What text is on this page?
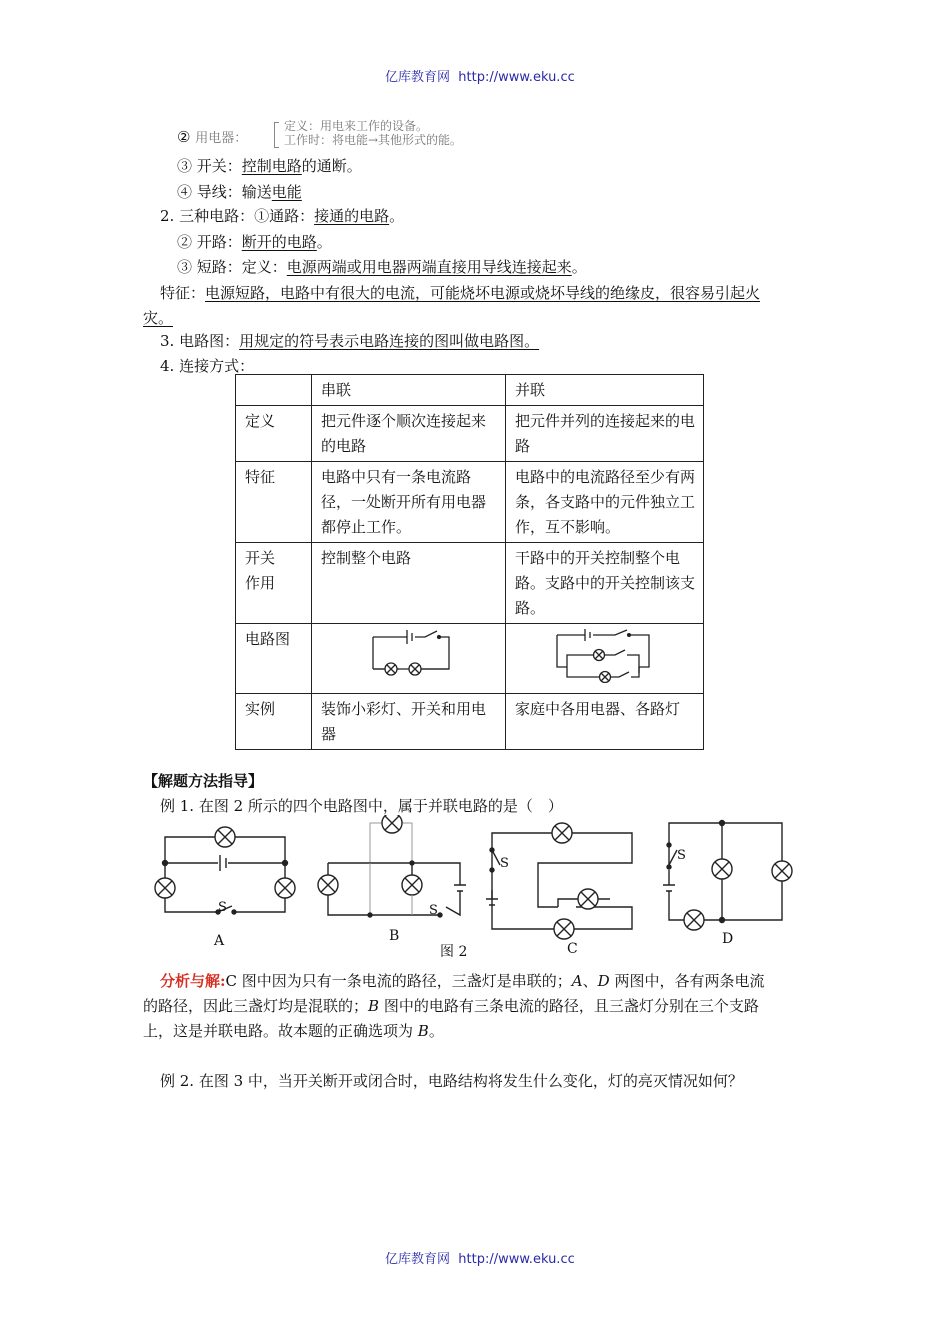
亿库教育网 http://www.eku.cc
② 用电器：
定义：用电来工作的设备。
工作时：将电能→其他形式的能。
③ 开关：控制电路的通断。
④ 导线：输送电能
2. 三种电路：①通路：接通的电路。
② 开路：断开的电路。
③ 短路：定义：电源两端或用电器两端直接用导线连接起来。
特征：电源短路，电路中有很大的电流，可能烧坏电源或烧坏导线的绝缘皮，很容易引起火
灾。
3. 电路图：用规定的符号表示电路连接的图叫做电路图。
4. 连接方式：
	串联	并联
定义	把元件逐个顺次连接起来的电路	把元件并列的连接起来的电路
特征	电路中只有一条电流路径，一处断开所有用电器都停止工作。	电路中的电流路径至少有两条，各支路中的元件独立工作，互不影响。
开关作用	控制整个电路	干路中的开关控制整个电路。支路中的开关控制该支路。
电路图		
实例	装饰小彩灯、开关和用电器	家庭中各用电器、各路灯
【解题方法指导】
例 1. 在图 2 所示的四个电路图中，属于并联电路的是（　）
S	S
S
S
A	B
C
D
图 2
分析与解:C 图中因为只有一条电流的路径，三盏灯是串联的；A、D 两图中，各有两条电流
的路径，因此三盏灯均是混联的；B 图中的电路有三条电流的路径，且三盏灯分别在三个支路
上，这是并联电路。故本题的正确选项为 B。
例 2. 在图 3 中，当开关断开或闭合时，电路结构将发生什么变化，灯的亮灭情况如何？
亿库教育网 http://www.eku.cc
